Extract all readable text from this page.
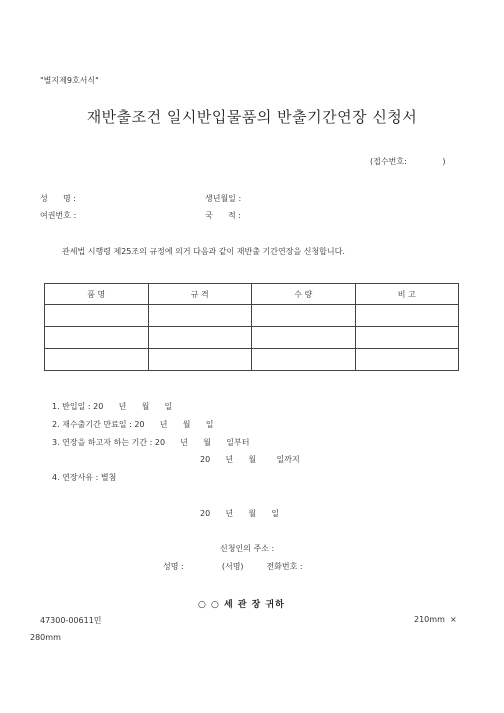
"별지제9호서식"
재반출조건 일시반입물품의 반출기간연장 신청서
(접수번호:              )
성      명 :	생년월일 :
여권번호 :	국      적 :
관세법 시행령 제25조의 규정에 의거 다음과 같이 재반출 기간연장을 신청합니다.
품 명	규 격	수 량	비 고

1. 반입일 : 20      년      월      일
2. 재수출기간 만료일 : 20      년      월      일
3. 연장을 하고자 하는 기간 : 20      년      월      일부터
20      년      월        일까지
4. 연장사유 : 별첨
20      년      월      일
신청인의 주소 :
성명 :               (서명)         전화번호 :
○ ○ 세 관 장 귀하
47300-00611민	210mm  ×
280mm
